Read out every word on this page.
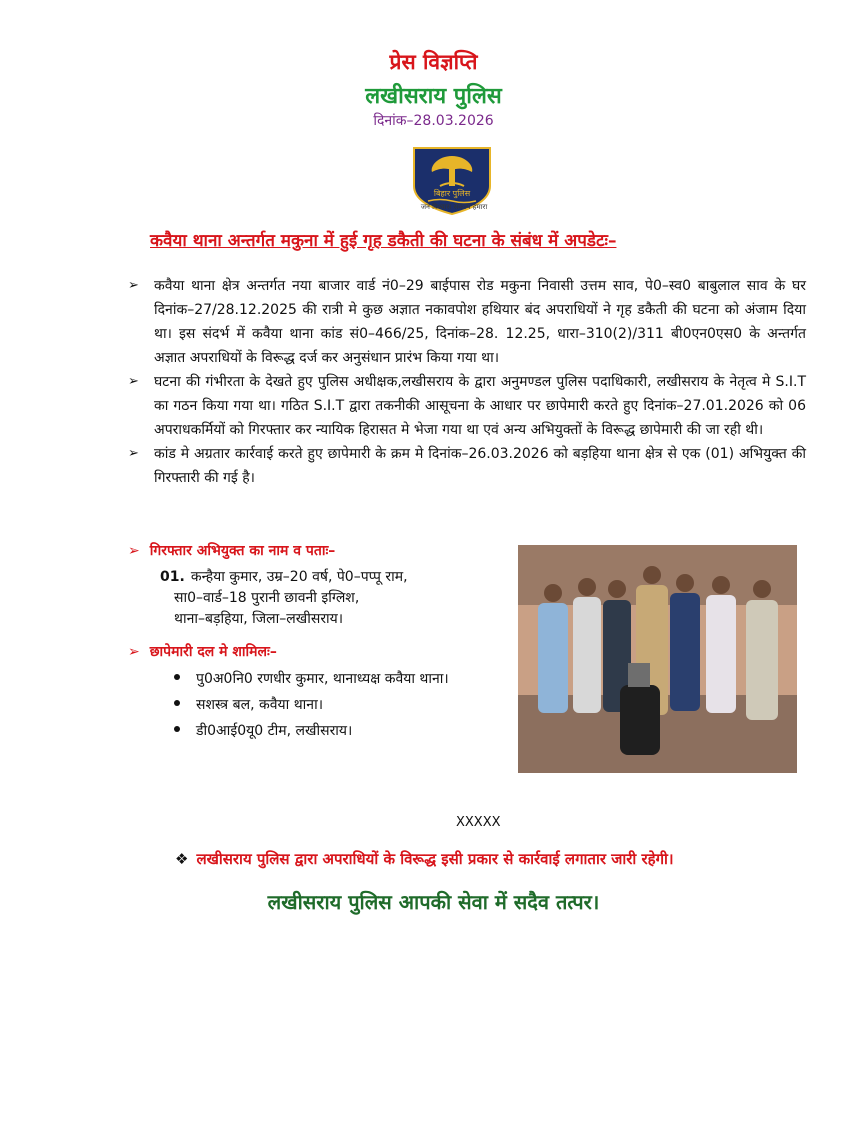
प्रेस विज्ञप्ति
लखीसराय पुलिस
दिनांक–28.03.2026
बिहार पुलिस
जन विश्वास संकल्प हमारा
कवैया थाना अन्तर्गत मकुना में हुई गृह डकैती की घटना के संबंध में अपडेटः–

➢ कवैया थाना क्षेत्र अन्तर्गत नया बाजार वार्ड नं0–29 बाईपास रोड मकुना निवासी उत्तम साव, पे0–स्व0 बाबुलाल साव के घर दिनांक–27/28.12.2025 की रात्री मे कुछ अज्ञात नकावपोश हथियार बंद अपराधियों ने गृह डकैती की घटना को अंजाम दिया था। इस संदर्भ में कवैया थाना कांड सं0–466/25, दिनांक–28. 12.25, धारा–310(2)/311 बी0एन0एस0 के अन्तर्गत अज्ञात अपराधियों के विरूद्ध दर्ज कर अनुसंधान प्रारंभ किया गया था।

➢ घटना की गंभीरता के देखते हुए पुलिस अधीक्षक,लखीसराय के द्वारा अनुमण्डल पुलिस पदाधिकारी, लखीसराय के नेतृत्व मे S.I.T का गठन किया गया था। गठित S.I.T द्वारा तकनीकी आसूचना के आधार पर छापेमारी करते हुए दिनांक–27.01.2026 को 06 अपराधकर्मियों को गिरफ्तार कर न्यायिक हिरासत मे भेजा गया था एवं अन्य अभियुक्तों के विरूद्ध छापेमारी की जा रही थी।

➢ कांड मे अग्रतार कार्रवाई करते हुए छापेमारी के क्रम मे दिनांक–26.03.2026 को बड़हिया थाना क्षेत्र से एक (01) अभियुक्त की गिरफ्तारी की गई है।

➢ गिरफ्तार अभियुक्त का नाम व पताः–
01. कन्हैया कुमार, उम्र–20 वर्ष, पे0–पप्पू राम,
सा0–वार्ड–18 पुरानी छावनी इग्लिश,
थाना–बड़हिया, जिला–लखीसराय।
➢ छापेमारी दल मे शामिलः–
पु0अ0नि0 रणधीर कुमार, थानाध्यक्ष कवैया थाना।
सशस्त्र बल, कवैया थाना।
डी0आई0यू0 टीम, लखीसराय।
XXXXX
❖ लखीसराय पुलिस द्वारा अपराधियों के विरूद्ध इसी प्रकार से कार्रवाई लगातार जारी रहेगी।
लखीसराय पुलिस आपकी सेवा में सदैव तत्पर।
